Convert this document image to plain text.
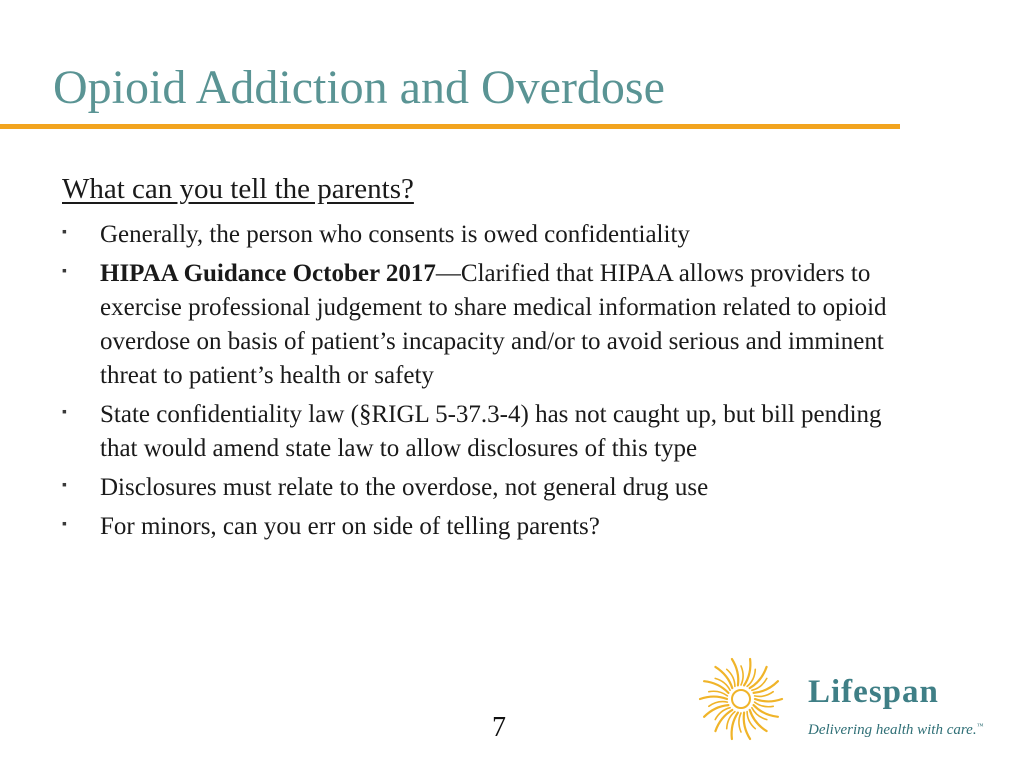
Opioid Addiction and Overdose
What can you tell the parents?
▪ Generally, the person who consents is owed confidentiality
▪ HIPAA Guidance October 2017—Clarified that HIPAA allows providers to exercise professional judgement to share medical information related to opioid overdose on basis of patient’s incapacity and/or to avoid serious and imminent threat to patient’s health or safety
▪ State confidentiality law (§RIGL 5-37.3-4) has not caught up, but bill pending that would amend state law to allow disclosures of this type
▪ Disclosures must relate to the overdose, not general drug use
▪ For minors, can you err on side of telling parents?
7
Lifespan
Delivering health with care.™
